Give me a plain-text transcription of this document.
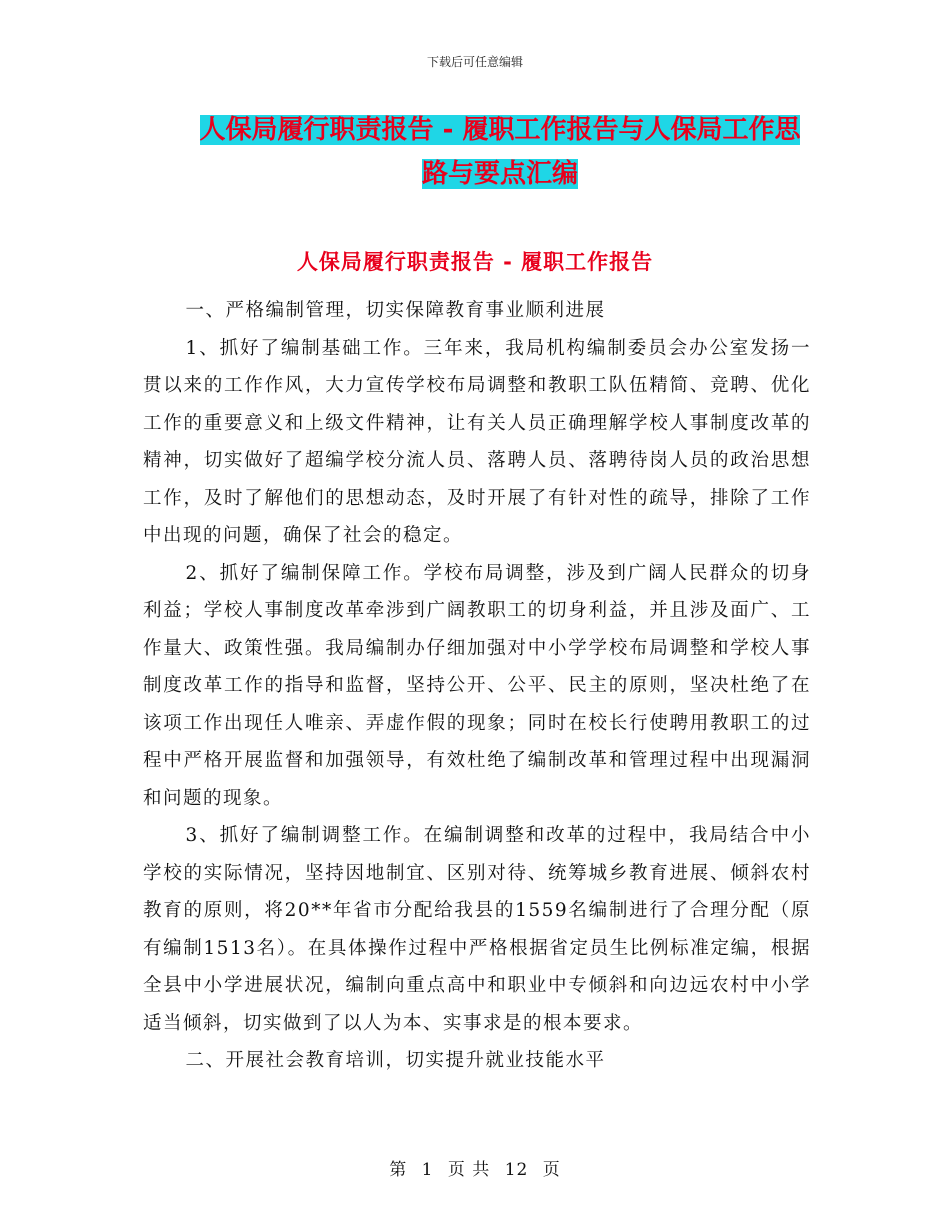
下载后可任意编辑
人保局履行职责报告 - 履职工作报告与人保局工作思
路与要点汇编
人保局履行职责报告 - 履职工作报告

一、严格编制管理，切实保障教育事业顺利进展

1、抓好了编制基础工作。三年来，我局机构编制委员会办公室发扬一贯以来的工作作风，大力宣传学校布局调整和教职工队伍精简、竞聘、优化工作的重要意义和上级文件精神，让有关人员正确理解学校人事制度改革的精神，切实做好了超编学校分流人员、落聘人员、落聘待岗人员的政治思想工作，及时了解他们的思想动态，及时开展了有针对性的疏导，排除了工作中出现的问题，确保了社会的稳定。

2、抓好了编制保障工作。学校布局调整，涉及到广阔人民群众的切身利益；学校人事制度改革牵涉到广阔教职工的切身利益，并且涉及面广、工作量大、政策性强。我局编制办仔细加强对中小学学校布局调整和学校人事制度改革工作的指导和监督，坚持公开、公平、民主的原则，坚决杜绝了在该项工作出现任人唯亲、弄虚作假的现象；同时在校长行使聘用教职工的过程中严格开展监督和加强领导，有效杜绝了编制改革和管理过程中出现漏洞和问题的现象。

3、抓好了编制调整工作。在编制调整和改革的过程中，我局结合中小学校的实际情况，坚持因地制宜、区别对待、统筹城乡教育进展、倾斜农村教育的原则，将20**年省市分配给我县的1559名编制进行了合理分配（原有编制1513名）。在具体操作过程中严格根据省定员生比例标准定编，根据全县中小学进展状况，编制向重点高中和职业中专倾斜和向边远农村中小学适当倾斜，切实做到了以人为本、实事求是的根本要求。

二、开展社会教育培训，切实提升就业技能水平

第 1 页 共 12 页
